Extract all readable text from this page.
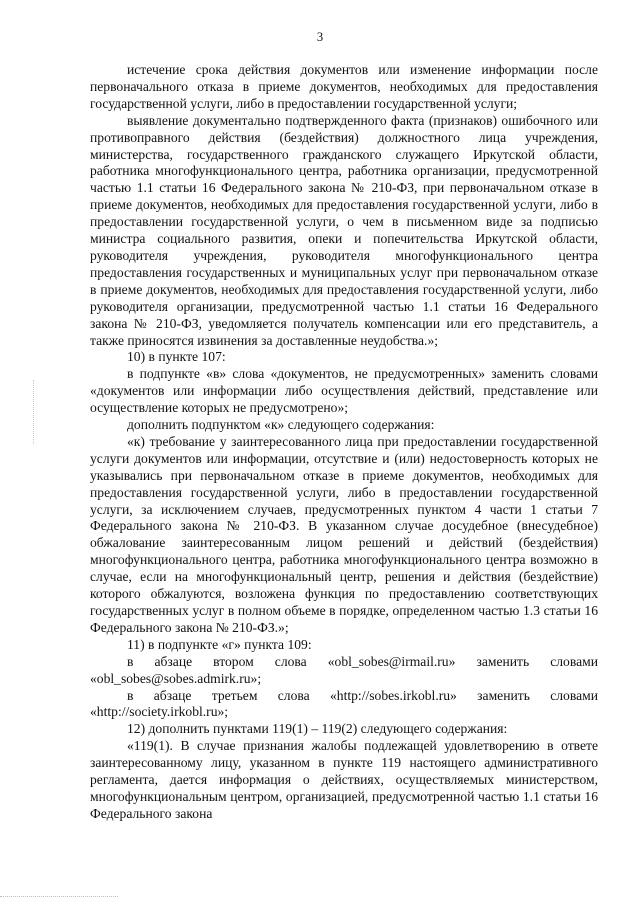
3

истечение срока действия документов или изменение информации после первоначального отказа в приеме документов, необходимых для предоставления государственной услуги, либо в предоставлении государственной услуги;

выявление документально подтвержденного факта (признаков) ошибочного или противоправного действия (бездействия) должностного лица учреждения, министерства, государственного гражданского служащего Иркутской области, работника многофункционального центра, работника организации, предусмотренной частью 1.1 статьи 16 Федерального закона № 210-ФЗ, при первоначальном отказе в приеме документов, необходимых для предоставления государственной услуги, либо в предоставлении государственной услуги, о чем в письменном виде за подписью министра социального развития, опеки и попечительства Иркутской области, руководителя учреждения, руководителя многофункционального центра предоставления государственных и муниципальных услуг при первоначальном отказе в приеме документов, необходимых для предоставления государственной услуги, либо руководителя организации, предусмотренной частью 1.1 статьи 16 Федерального закона № 210-ФЗ, уведомляется получатель компенсации или его представитель, а также приносятся извинения за доставленные неудобства.»;

10) в пункте 107:

в подпункте «в» слова «документов, не предусмотренных» заменить словами «документов или информации либо осуществления действий, представление или осуществление которых не предусмотрено»;

дополнить подпунктом «к» следующего содержания:

«к) требование у заинтересованного лица при предоставлении государственной услуги документов или информации, отсутствие и (или) недостоверность которых не указывались при первоначальном отказе в приеме документов, необходимых для предоставления государственной услуги, либо в предоставлении государственной услуги, за исключением случаев, предусмотренных пунктом 4 части 1 статьи 7 Федерального закона № 210-ФЗ. В указанном случае досудебное (внесудебное) обжалование заинтересованным лицом решений и действий (бездействия) многофункционального центра, работника многофункционального центра возможно в случае, если на многофункциональный центр, решения и действия (бездействие) которого обжалуются, возложена функция по предоставлению соответствующих государственных услуг в полном объеме в порядке, определенном частью 1.3 статьи 16 Федерального закона № 210-ФЗ.»;

11) в подпункте «г» пункта 109:

в абзаце втором слова «obl_sobes@irmail.ru» заменить словами «obl_sobes@sobes.admirk.ru»;

в абзаце третьем слова «http://sobes.irkobl.ru» заменить словами «http://society.irkobl.ru»;

12) дополнить пунктами 119(1) – 119(2) следующего содержания:

«119(1). В случае признания жалобы подлежащей удовлетворению в ответе заинтересованному лицу, указанном в пункте 119 настоящего административного регламента, дается информация о действиях, осуществляемых министерством, многофункциональным центром, организацией, предусмотренной частью 1.1 статьи 16 Федерального закона
